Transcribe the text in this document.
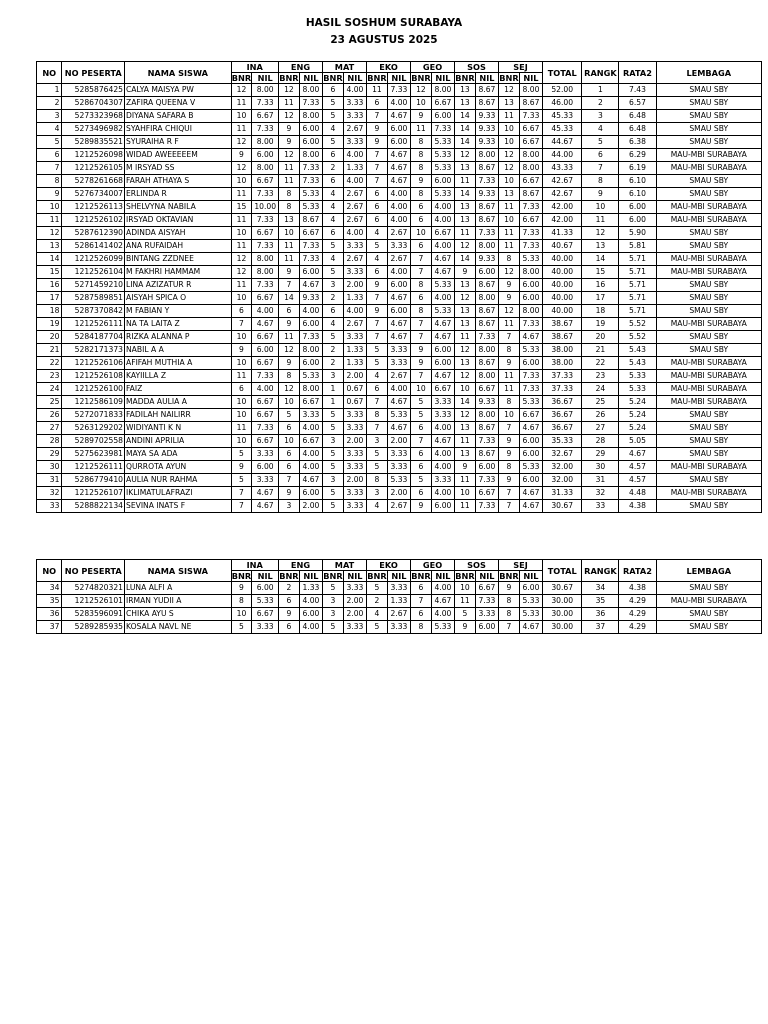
HASIL SOSHUM SURABAYA
23 AGUSTUS 2025
NO	NO PESERTA	NAMA SISWA	INA		ENG		MAT		EKO		GEO		SOS		SEJ		TOTAL	RANGK	RATA2	LEMBAGA
			BNR	NIL	BNR	NIL	BNR	NIL	BNR	NIL	BNR	NIL	BNR	NIL	BNR	NIL				
1	5285876425	CALYA MAISYA PW	12	8.00	12	8.00	6	4.00	11	7.33	12	8.00	13	8.67	12	8.00	52.00	1	7.43	SMAU SBY
2	5286704307	ZAFIRA QUEENA V	11	7.33	11	7.33	5	3.33	6	4.00	10	6.67	13	8.67	13	8.67	46.00	2	6.57	SMAU SBY
3	5273323968	DIYANA SAFARA B	10	6.67	12	8.00	5	3.33	7	4.67	9	6.00	14	9.33	11	7.33	45.33	3	6.48	SMAU SBY
4	5273496982	SYAHFIRA CHIQUI	11	7.33	9	6.00	4	2.67	9	6.00	11	7.33	14	9.33	10	6.67	45.33	4	6.48	SMAU SBY
5	5289835521	SYURAIHA R F	12	8.00	9	6.00	5	3.33	9	6.00	8	5.33	14	9.33	10	6.67	44.67	5	6.38	SMAU SBY
6	1212526098	WIDAD AWEEEEEM	9	6.00	12	8.00	6	4.00	7	4.67	8	5.33	12	8.00	12	8.00	44.00	6	6.29	MAU-MBI SURABAYA
7	1212526105	M IRSYAD SS	12	8.00	11	7.33	2	1.33	7	4.67	8	5.33	13	8.67	12	8.00	43.33	7	6.19	MAU-MBI SURABAYA
8	5278261668	FARAH ATHAYA S	10	6.67	11	7.33	6	4.00	7	4.67	9	6.00	11	7.33	10	6.67	42.67	8	6.10	SMAU SBY
9	5276734007	ERLINDA R	11	7.33	8	5.33	4	2.67	6	4.00	8	5.33	14	9.33	13	8.67	42.67	9	6.10	SMAU SBY
10	1212526113	SHELVYNA NABILA	15	10.00	8	5.33	4	2.67	6	4.00	6	4.00	13	8.67	11	7.33	42.00	10	6.00	MAU-MBI SURABAYA
11	1212526102	IRSYAD OKTAVIAN	11	7.33	13	8.67	4	2.67	6	4.00	6	4.00	13	8.67	10	6.67	42.00	11	6.00	MAU-MBI SURABAYA
12	5287612390	ADINDA AISYAH	10	6.67	10	6.67	6	4.00	4	2.67	10	6.67	11	7.33	11	7.33	41.33	12	5.90	SMAU SBY
13	5286141402	ANA RUFAIDAH	11	7.33	11	7.33	5	3.33	5	3.33	6	4.00	12	8.00	11	7.33	40.67	13	5.81	SMAU SBY
14	1212526099	BINTANG ZZDNEE	12	8.00	11	7.33	4	2.67	4	2.67	7	4.67	14	9.33	8	5.33	40.00	14	5.71	MAU-MBI SURABAYA
15	1212526104	M FAKHRI HAMMAM	12	8.00	9	6.00	5	3.33	6	4.00	7	4.67	9	6.00	12	8.00	40.00	15	5.71	MAU-MBI SURABAYA
16	5271459210	LINA AZIZATUR R	11	7.33	7	4.67	3	2.00	9	6.00	8	5.33	13	8.67	9	6.00	40.00	16	5.71	SMAU SBY
17	5287589851	AISYAH SPICA O	10	6.67	14	9.33	2	1.33	7	4.67	6	4.00	12	8.00	9	6.00	40.00	17	5.71	SMAU SBY
18	5287370842	M FABIAN Y	6	4.00	6	4.00	6	4.00	9	6.00	8	5.33	13	8.67	12	8.00	40.00	18	5.71	SMAU SBY
19	1212526111	NA TA LAITA Z	7	4.67	9	6.00	4	2.67	7	4.67	7	4.67	13	8.67	11	7.33	38.67	19	5.52	MAU-MBI SURABAYA
20	5284187704	RIZKA ALANNA P	10	6.67	11	7.33	5	3.33	7	4.67	7	4.67	11	7.33	7	4.67	38.67	20	5.52	SMAU SBY
21	5282171373	NABIL A A	9	6.00	12	8.00	2	1.33	5	3.33	9	6.00	12	8.00	8	5.33	38.00	21	5.43	SMAU SBY
22	1212526106	AFIFAH MUTHIA A	10	6.67	9	6.00	2	1.33	5	3.33	9	6.00	13	8.67	9	6.00	38.00	22	5.43	MAU-MBI SURABAYA
23	1212526108	KAYIILLA Z	11	7.33	8	5.33	3	2.00	4	2.67	7	4.67	12	8.00	11	7.33	37.33	23	5.33	MAU-MBI SURABAYA
24	1212526100	FAIZ	6	4.00	12	8.00	1	0.67	6	4.00	10	6.67	10	6.67	11	7.33	37.33	24	5.33	MAU-MBI SURABAYA
25	1212586109	MADDA AULIA A	10	6.67	10	6.67	1	0.67	7	4.67	5	3.33	14	9.33	8	5.33	36.67	25	5.24	MAU-MBI SURABAYA
26	5272071833	FADILAH NAILIRR	10	6.67	5	3.33	5	3.33	8	5.33	5	3.33	12	8.00	10	6.67	36.67	26	5.24	SMAU SBY
27	5263129202	WIDIYANTI K N	11	7.33	6	4.00	5	3.33	7	4.67	6	4.00	13	8.67	7	4.67	36.67	27	5.24	SMAU SBY
28	5289702558	ANDINI APRILIA	10	6.67	10	6.67	3	2.00	3	2.00	7	4.67	11	7.33	9	6.00	35.33	28	5.05	SMAU SBY
29	5275623981	MAYA SA ADA	5	3.33	6	4.00	5	3.33	5	3.33	6	4.00	13	8.67	9	6.00	32.67	29	4.67	SMAU SBY
30	1212526111	QURROTA AYUN	9	6.00	6	4.00	5	3.33	5	3.33	6	4.00	9	6.00	8	5.33	32.00	30	4.57	MAU-MBI SURABAYA
31	5286779410	AULIA NUR RAHMA	5	3.33	7	4.67	3	2.00	8	5.33	5	3.33	11	7.33	9	6.00	32.00	31	4.57	SMAU SBY
32	1212526107	IKLIMATULAFRAZI	7	4.67	9	6.00	5	3.33	3	2.00	6	4.00	10	6.67	7	4.67	31.33	32	4.48	MAU-MBI SURABAYA
33	5288822134	SEVINA INATS F	7	4.67	3	2.00	5	3.33	4	2.67	9	6.00	11	7.33	7	4.67	30.67	33	4.38	SMAU SBY
NO	NO PESERTA	NAMA SISWA	INA		ENG		MAT		EKO		GEO		SOS		SEJ		TOTAL	RANGK	RATA2	LEMBAGA
			BNR	NIL	BNR	NIL	BNR	NIL	BNR	NIL	BNR	NIL	BNR	NIL	BNR	NIL				
34	5274820321	LUNA ALFI A	9	6.00	2	1.33	5	3.33	5	3.33	6	4.00	10	6.67	9	6.00	30.67	34	4.38	SMAU SBY
35	1212526101	IRMAN YUDII A	8	5.33	6	4.00	3	2.00	2	1.33	7	4.67	11	7.33	8	5.33	30.00	35	4.29	MAU-MBI SURABAYA
36	5283596091	CHIKA AYU S	10	6.67	9	6.00	3	2.00	4	2.67	6	4.00	5	3.33	8	5.33	30.00	36	4.29	SMAU SBY
37	5289285935	KOSALA NAVL NE	5	3.33	6	4.00	5	3.33	5	3.33	8	5.33	9	6.00	7	4.67	30.00	37	4.29	SMAU SBY
